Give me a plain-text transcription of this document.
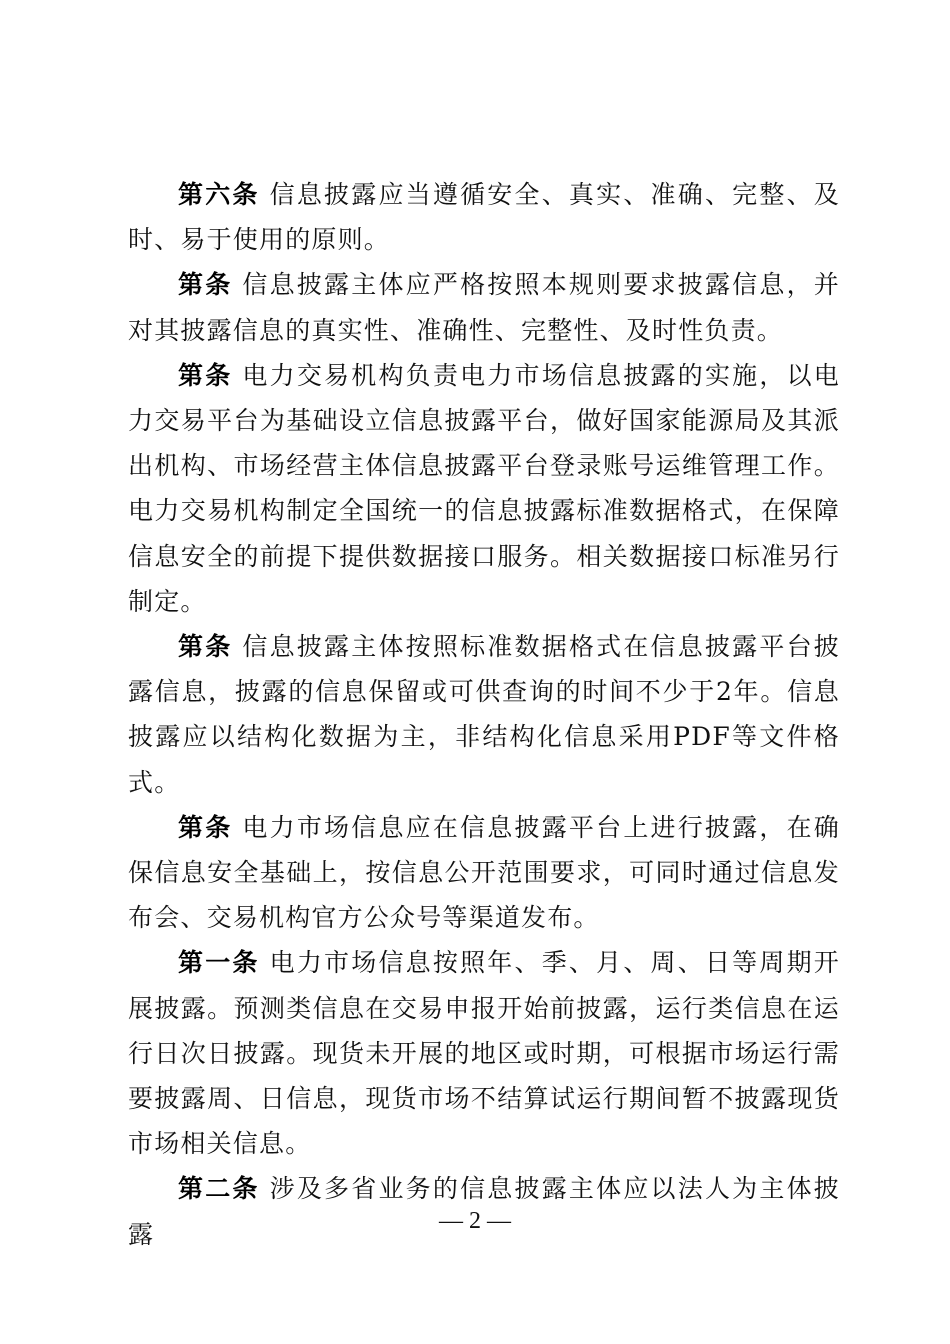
第六条 信息披露应当遵循安全、真实、准确、完整、及时、易于使用的原则。

第条 信息披露主体应严格按照本规则要求披露信息，并对其披露信息的真实性、准确性、完整性、及时性负责。

第条 电力交易机构负责电力市场信息披露的实施，以电力交易平台为基础设立信息披露平台，做好国家能源局及其派出机构、市场经营主体信息披露平台登录账号运维管理工作。电力交易机构制定全国统一的信息披露标准数据格式，在保障信息安全的前提下提供数据接口服务。相关数据接口标准另行制定。

第条 信息披露主体按照标准数据格式在信息披露平台披露信息，披露的信息保留或可供查询的时间不少于2年。信息披露应以结构化数据为主，非结构化信息采用PDF等文件格式。

第条 电力市场信息应在信息披露平台上进行披露，在确保信息安全基础上，按信息公开范围要求，可同时通过信息发布会、交易机构官方公众号等渠道发布。

第一条 电力市场信息按照年、季、月、周、日等周期开展披露。预测类信息在交易申报开始前披露，运行类信息在运行日次日披露。现货未开展的地区或时期，可根据市场运行需要披露周、日信息，现货市场不结算试运行期间暂不披露现货市场相关信息。

第二条 涉及多省业务的信息披露主体应以法人为主体披露	— 2 —
